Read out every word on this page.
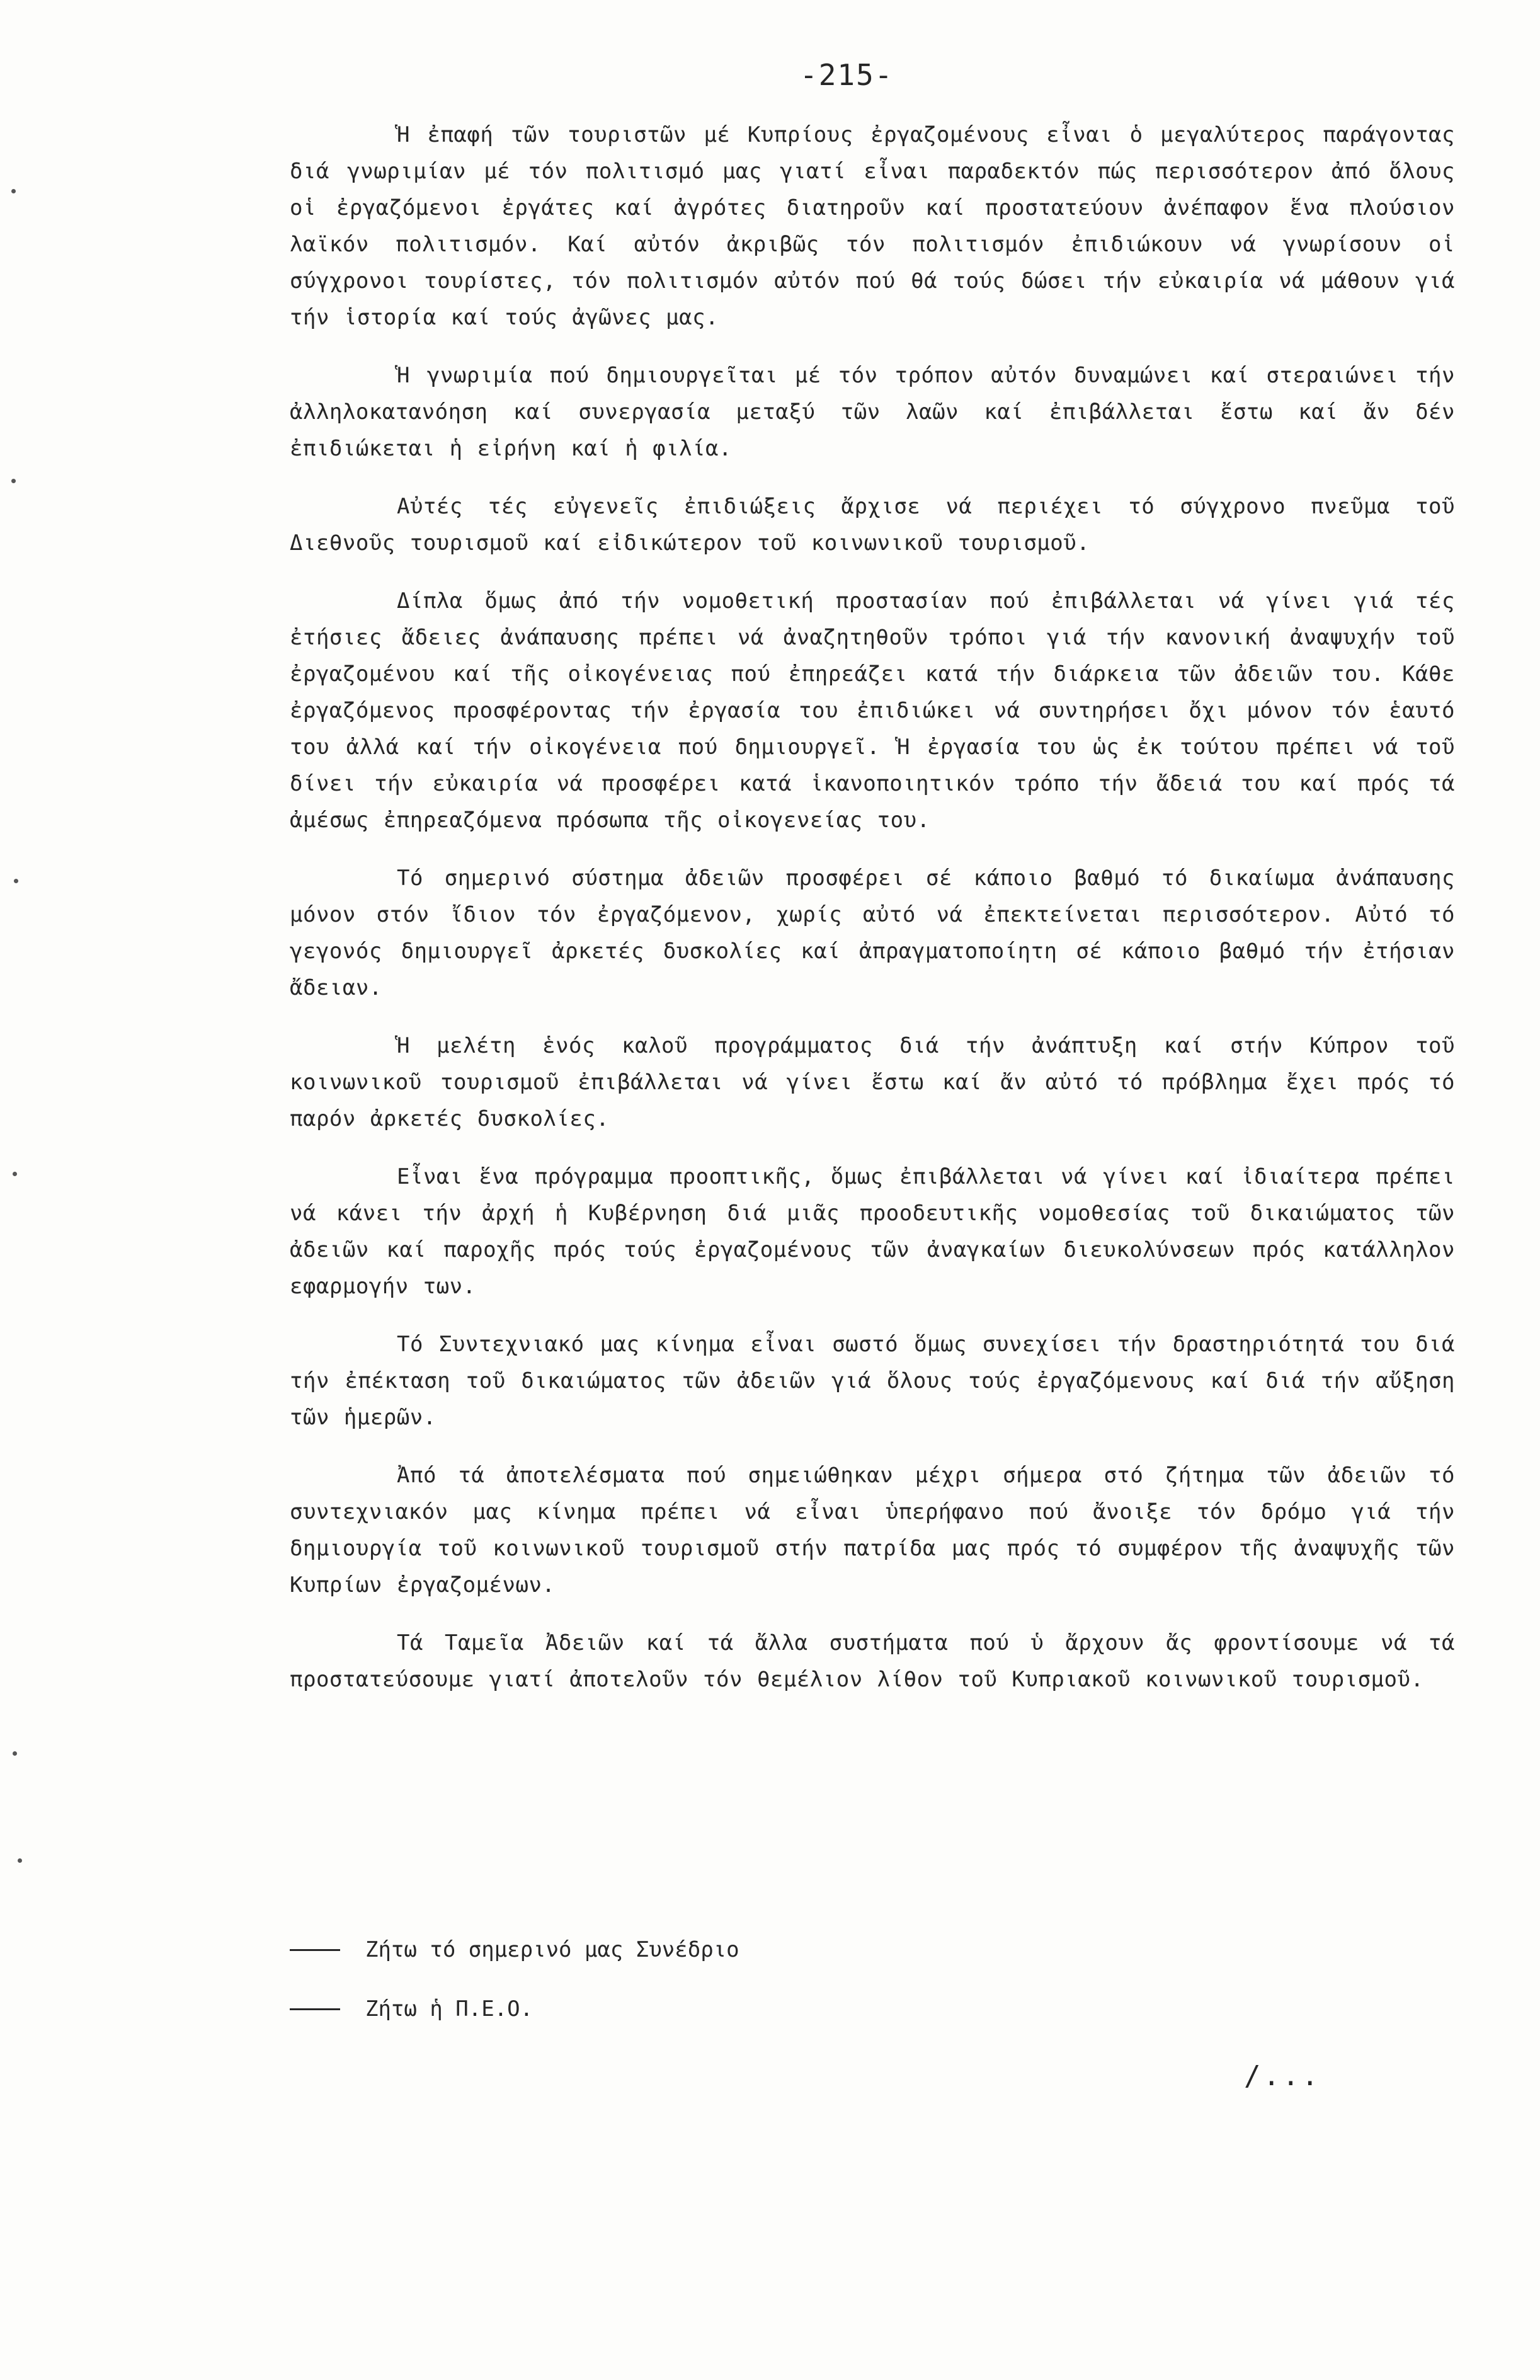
-215-

Ἡ ἐπαφή τῶν τουριστῶν μέ Κυπρίους ἐργαζομένους εἶναι ὁ μεγαλύτερος παράγοντας διά γνωριμίαν μέ τόν πολιτισμό μας γιατί εἶναι παραδεκτόν πώς περισσότερον ἀπό ὅλους οἱ ἐργαζόμενοι ἐργάτες καί ἀγρότες διατηροῦν καί προστατεύουν ἀνέπαφον ἕνα πλούσιον λαϊκόν πολιτισμόν. Καί αὐτόν ἀκριβῶς τόν πολιτισμόν ἐπιδιώκουν νά γνωρίσουν οἱ σύγχρονοι τουρίστες, τόν πολιτισμόν αὐτόν πού θά τούς δώσει τήν εὐκαιρία νά μάθουν γιά τήν ἱστορία καί τούς ἀγῶνες μας.

Ἡ γνωριμία πού δημιουργεῖται μέ τόν τρόπον αὐτόν δυναμώνει καί στεραιώνει τήν ἀλληλοκατανόηση καί συνεργασία μεταξύ τῶν λαῶν καί ἐπιβάλλεται ἔστω καί ἄν δέν ἐπιδιώκεται ἡ εἰρήνη καί ἡ φιλία.

Αὐτές τές εὐγενεῖς ἐπιδιώξεις ἄρχισε νά περιέχει τό σύγχρονο πνεῦμα τοῦ Διεθνοῦς τουρισμοῦ καί εἰδικώτερον τοῦ κοινωνικοῦ τουρισμοῦ.

Δίπλα ὅμως ἀπό τήν νομοθετική προστασίαν πού ἐπιβάλλεται νά γίνει γιά τές ἐτήσιες ἄδειες ἀνάπαυσης πρέπει νά ἀναζητηθοῦν τρόποι γιά τήν κανονική ἀναψυχήν τοῦ ἐργαζομένου καί τῆς οἰκογένειας πού ἐπηρεάζει κατά τήν διάρκεια τῶν ἀδειῶν του. Κάθε ἐργαζόμενος προσφέροντας τήν ἐργασία του ἐπιδιώκει νά συντηρήσει ὄχι μόνον τόν ἑαυτό του ἀλλά καί τήν οἰκογένεια πού δημιουργεῖ. Ἡ ἐργασία του ὡς ἐκ τούτου πρέπει νά τοῦ δίνει τήν εὐκαιρία νά προσφέρει κατά ἱκανοποιητικόν τρόπο τήν ἄδειά του καί πρός τά ἀμέσως ἐπηρεαζόμενα πρόσωπα τῆς οἰκογενείας του.

Τό σημερινό σύστημα ἀδειῶν προσφέρει σέ κάποιο βαθμό τό δικαίωμα ἀνάπαυσης μόνον στόν ἴδιον τόν ἐργαζόμενον, χωρίς αὐτό νά ἐπεκτείνεται περισσότερον. Αὐτό τό γεγονός δημιουργεῖ ἀρκετές δυσκολίες καί ἀπραγματοποίητη σέ κάποιο βαθμό τήν ἐτήσιαν ἄδειαν.

Ἡ μελέτη ἑνός καλοῦ προγράμματος διά τήν ἀνάπτυξη καί στήν Κύπρον τοῦ κοινωνικοῦ τουρισμοῦ ἐπιβάλλεται νά γίνει ἔστω καί ἄν αὐτό τό πρόβλημα ἔχει πρός τό παρόν ἀρκετές δυσκολίες.

Εἶναι ἕνα πρόγραμμα προοπτικῆς, ὅμως ἐπιβάλλεται νά γίνει καί ἰδιαίτερα πρέπει νά κάνει τήν ἀρχή ἡ Κυβέρνηση διά μιᾶς προοδευτικῆς νομοθεσίας τοῦ δικαιώματος τῶν ἀδειῶν καί παροχῆς πρός τούς ἐργαζομένους τῶν ἀναγκαίων διευκολύνσεων πρός κατάλληλον εφαρμογήν των.

Τό Συντεχνιακό μας κίνημα εἶναι σωστό ὅμως συνεχίσει τήν δραστηριότητά του διά τήν ἐπέκταση τοῦ δικαιώματος τῶν ἀδειῶν γιά ὅλους τούς ἐργαζόμενους καί διά τήν αὔξηση τῶν ἡμερῶν.

Ἀπό τά ἀποτελέσματα πού σημειώθηκαν μέχρι σήμερα στό ζήτημα τῶν ἀδειῶν τό συντεχνιακόν μας κίνημα πρέπει νά εἶναι ὑπερήφανο πού ἄνοιξε τόν δρόμο γιά τήν δημιουργία τοῦ κοινωνικοῦ τουρισμοῦ στήν πατρίδα μας πρός τό συμφέρον τῆς ἀναψυχῆς τῶν Κυπρίων ἐργαζομένων.

Τά Ταμεῖα Ἀδειῶν καί τά ἄλλα συστήματα πού ὑ ἄρχουν ἄς φροντίσουμε νά τά προστατεύσουμε γιατί ἀποτελοῦν τόν θεμέλιον λίθον τοῦ Κυπριακοῦ κοινωνικοῦ τουρισμοῦ.

Ζήτω τό σημερινό μας Συνέδριο
Ζήτω ἡ Π.Ε.Ο.
/...
